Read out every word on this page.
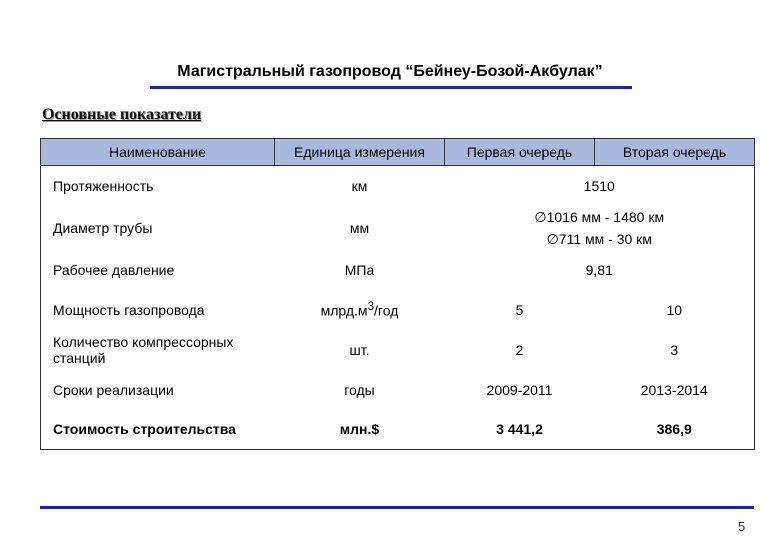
Магистральный газопровод “Бейнеу-Бозой-Акбулак”
Основные показатели
Наименование	Единица измерения	Первая очередь	Вторая очередь
Протяженность	км	1510	
Диаметр трубы	мм	∅1016 мм - 1480 км
∅711 мм - 30 км	

Рабочее давление	МПа	9,81	
Мощность газопровода	$млрд.м^3$/год	5	10
Количество компрессорных станций	шт.	2	3
Сроки реализации	годы	2009-2011	2013-2014
Стоимость строительства	млн.$	3 441,2	386,9
5
